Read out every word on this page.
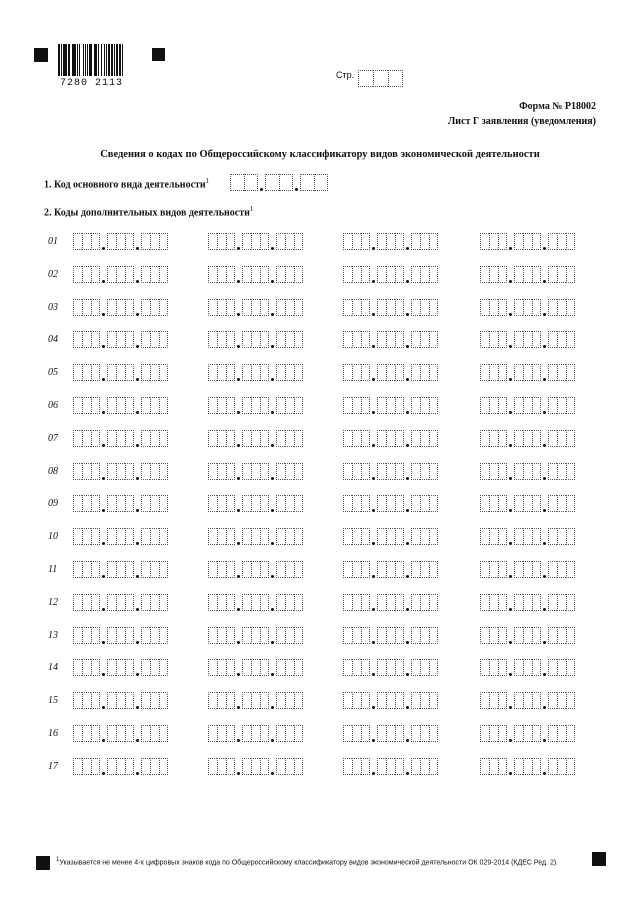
7280 2113
Стр.
Форма № Р18002
Лист Г заявления (уведомления)
Сведения о кодах по Общероссийскому классификатору видов экономической деятельности
1. Код основного вида деятельности$^1$
2. Коды дополнительных видов деятельности$^1$
01
02
03
04
05
06
07
08
09
10
11
12
13
14
15
16
17
$^1$Указывается не менее 4-х цифровых знаков кода по Общероссийскому классификатору видов экономической деятельности ОК 029-2014 (КДЕС Ред. 2).
